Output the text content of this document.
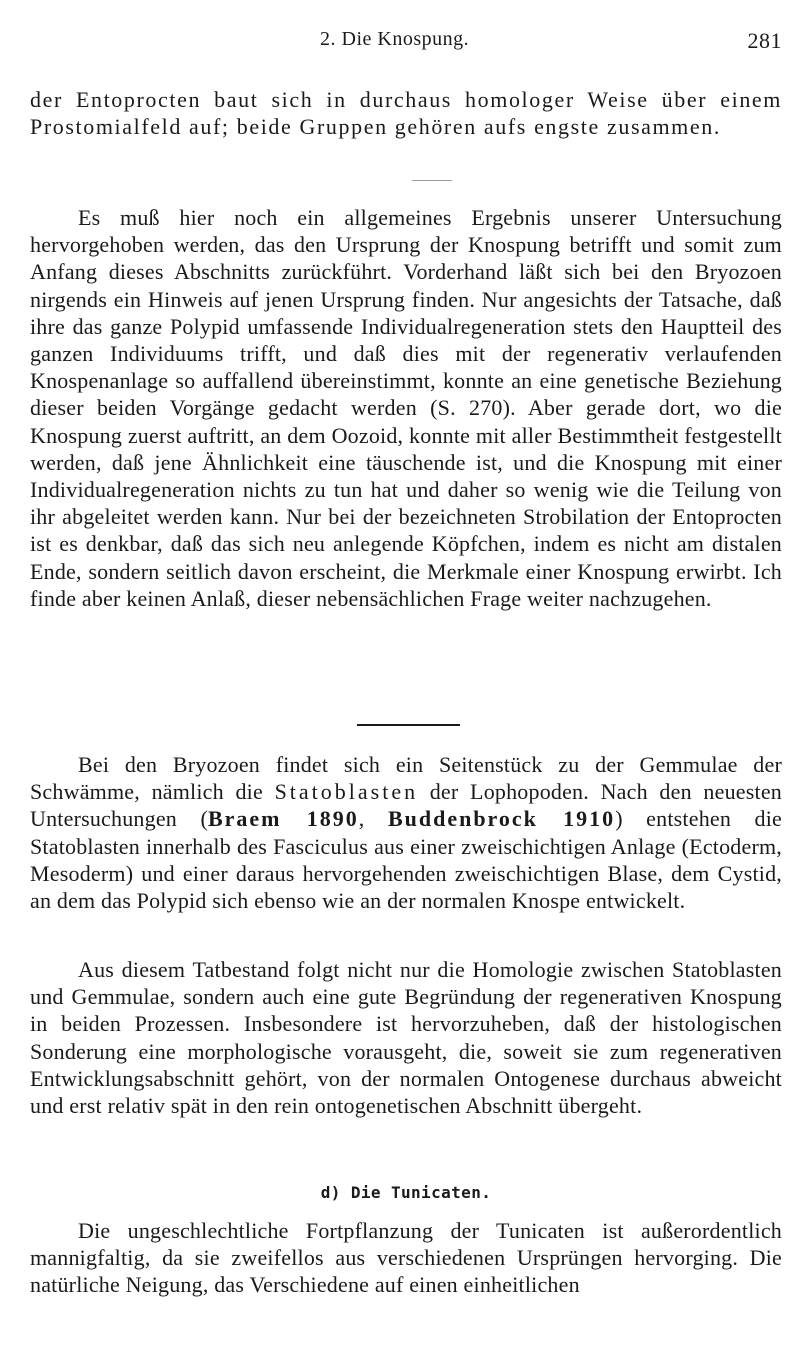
2. Die Knospung.	281
der Entoprocten baut sich in durchaus homologer Weise über einem Prostomialfeld auf; beide Gruppen gehören aufs engste zusammen.
Es muß hier noch ein allgemeines Ergebnis unserer Untersuchung hervorgehoben werden, das den Ursprung der Knospung betrifft und somit zum Anfang dieses Abschnitts zurückführt. Vorderhand läßt sich bei den Bryozoen nirgends ein Hinweis auf jenen Ursprung finden. Nur angesichts der Tatsache, daß ihre das ganze Polypid umfassende Individualregeneration stets den Hauptteil des ganzen Individuums trifft, und daß dies mit der regenerativ verlaufenden Knospenanlage so auffallend übereinstimmt, konnte an eine genetische Beziehung dieser beiden Vorgänge gedacht werden (S. 270). Aber gerade dort, wo die Knospung zuerst auftritt, an dem Oozoid, konnte mit aller Bestimmtheit festgestellt werden, daß jene Ähnlichkeit eine täuschende ist, und die Knospung mit einer Individualregeneration nichts zu tun hat und daher so wenig wie die Teilung von ihr abgeleitet werden kann. Nur bei der bezeichneten Strobilation der Entoprocten ist es denkbar, daß das sich neu anlegende Köpfchen, indem es nicht am distalen Ende, sondern seitlich davon erscheint, die Merkmale einer Knospung erwirbt. Ich finde aber keinen Anlaß, dieser nebensächlichen Frage weiter nachzugehen.
Bei den Bryozoen findet sich ein Seitenstück zu der Gemmulae der Schwämme, nämlich die Statoblasten der Lophopoden. Nach den neuesten Untersuchungen (Braem 1890, Buddenbrock 1910) entstehen die Statoblasten innerhalb des Fasciculus aus einer zweischichtigen Anlage (Ectoderm, Mesoderm) und einer daraus hervorgehenden zweischichtigen Blase, dem Cystid, an dem das Polypid sich ebenso wie an der normalen Knospe entwickelt.
Aus diesem Tatbestand folgt nicht nur die Homologie zwischen Statoblasten und Gemmulae, sondern auch eine gute Begründung der regenerativen Knospung in beiden Prozessen. Insbesondere ist hervorzuheben, daß der histologischen Sonderung eine morphologische vorausgeht, die, soweit sie zum regenerativen Entwicklungsabschnitt gehört, von der normalen Ontogenese durchaus abweicht und erst relativ spät in den rein ontogenetischen Abschnitt übergeht.
d) Die Tunicaten.
Die ungeschlechtliche Fortpflanzung der Tunicaten ist außerordentlich mannigfaltig, da sie zweifellos aus verschiedenen Ursprüngen hervorging. Die natürliche Neigung, das Verschiedene auf einen einheitlichen
